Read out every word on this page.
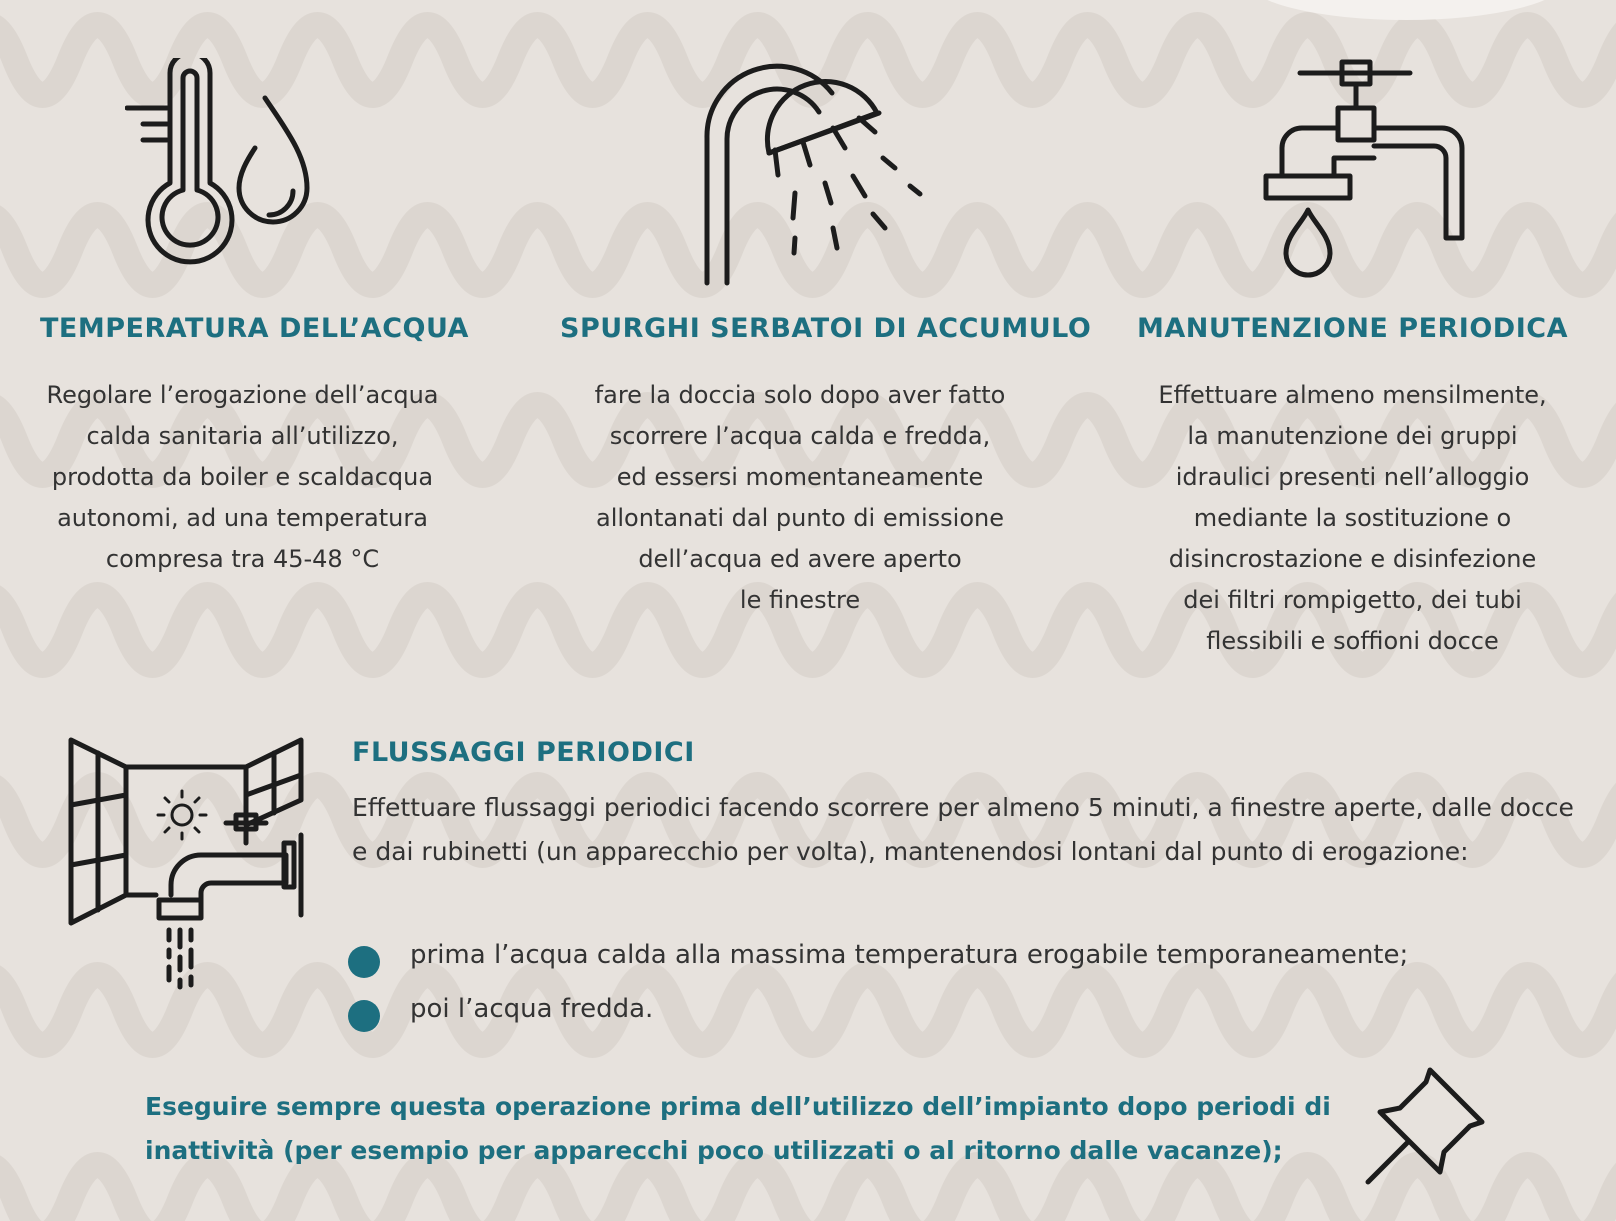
TEMPERATURA DELL’ACQUA
Regolare l’erogazione dell’acqua
calda sanitaria all’utilizzo,
prodotta da boiler e scaldacqua
autonomi, ad una temperatura
compresa tra 45-48 °C
SPURGHI SERBATOI DI ACCUMULO
fare la doccia solo dopo aver fatto
scorrere l’acqua calda e fredda,
ed essersi momentaneamente
allontanati dal punto di emissione
dell’acqua ed avere aperto
le finestre
MANUTENZIONE PERIODICA
Effettuare almeno mensilmente,
la manutenzione dei gruppi
idraulici presenti nell’alloggio
mediante la sostituzione o
disincrostazione e disinfezione
dei filtri rompigetto, dei tubi
flessibili e soffioni docce
FLUSSAGGI PERIODICI
Effettuare flussaggi periodici facendo scorrere per almeno 5 minuti, a finestre aperte, dalle docce e dai rubinetti (un apparecchio per volta), mantenendosi lontani dal punto di erogazione:
prima l’acqua calda alla massima temperatura erogabile temporaneamente;
poi l’acqua fredda.
Eseguire sempre questa operazione prima dell’utilizzo dell’impianto dopo periodi di inattività (per esempio per apparecchi poco utilizzati o al ritorno dalle vacanze);
